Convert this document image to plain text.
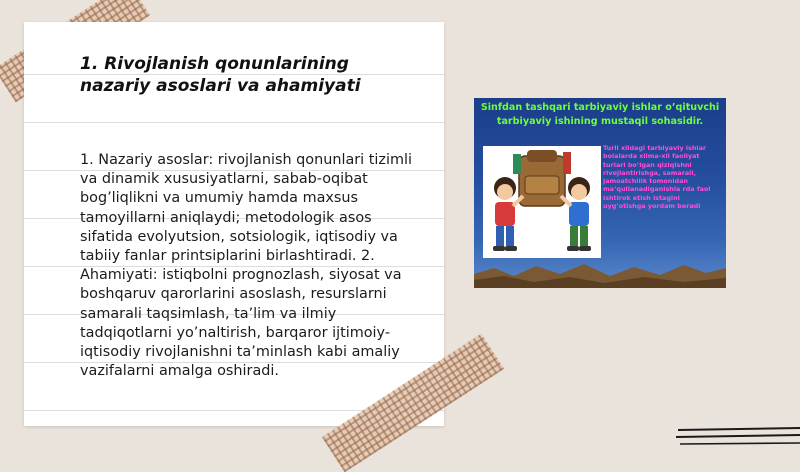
1. Rivojlanish qonunlarining nazariy asoslari va ahamiyati

1. Nazariy asoslar: rivojlanish qonunlari tizimli va dinamik xususiyatlarni, sabab-oqibat bog’liqlikni va umumiy hamda maxsus tamoyillarni aniqlaydi; metodologik asos sifatida evolyutsion, sotsiologik, iqtisodiy va tabiiy fanlar printsiplarini birlashtiradi. 2. Ahamiyati: istiqbolni prognozlash, siyosat va boshqaruv qarorlarini asoslash, resurslarni samarali taqsimlash, ta’lim va ilmiy tadqiqotlarni yo’naltirish, barqaror ijtimoiy-iqtisodiy rivojlanishni ta’minlash kabi amaliy vazifalarni amalga oshiradi.

Sinfdan tashqari tarbiyaviy ishlar o’qituvchi tarbiyaviy ishining mustaqil sohasidir.
• Turli xildagi tarbiyaviy ishlar bolalarda xilma-xil faoliyat turlari bo’lgan qiziqishni rivojlantirishga, samarali, jamoatchilik tomonidan ma’qullanadiganishla rda faol ishtirok etish istagini uyg’otishga yordam beradi
